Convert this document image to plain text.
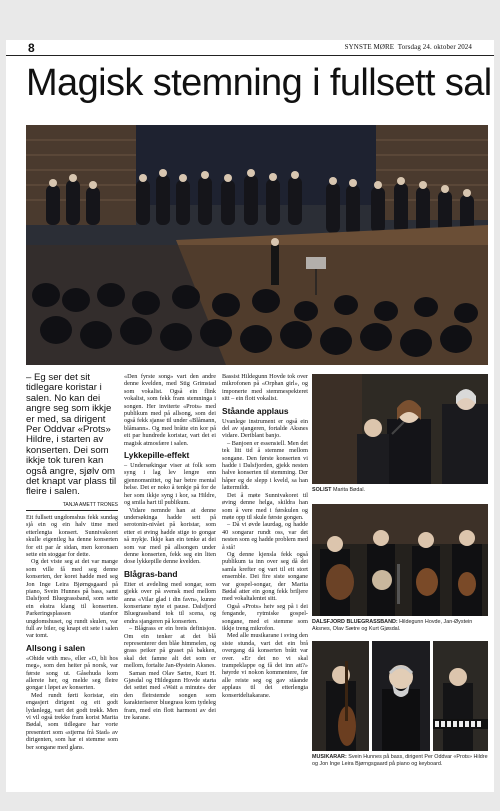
8	SYNSTE MØRE Torsdag 24. oktober 2024
Magisk stemning i fullsett sal
– Eg ser det sit tidlegare koristar i salen. No kan dei angre seg som ikkje er med, sa dirigent Per Oddvar «Prots» Hildre, i starten av konserten. Dei som ikkje tok turen kan også angre, sjølv om det knapt var plass til fleire i salen.
TANJA AMETT TRONES

Eit fullsett ungdomshus fekk sundag sjå ein og ein halv time med etterlengta konsert. Sunnivakoret skulle eigentleg ha denne konserten for eit par år sidan, men koronaen sette ein stoggar for dette.

Og det viste seg at det var mange som ville få med seg denne konserten, der koret hadde med seg Jon Inge Leira Bjørngsgaard på piano, Svein Hunnes på bass, samt Dalsfjord Bluegrassband, som sette ein ekstra klang til konserten. Parkeringsplassen utanfor ungdomshuset, og rundt skulen, var full av biler, og knapt eit sete i salen var tomt.

Allsong i salen

«Ohide with me», eller «O, bli hos meg», som den heiter på norsk, var første song ut. Gåsehuda kom allereie her, og melde seg fleire gongar i løpet av konserten.

Med rundt førti koristar, ein engasjert dirigent og eit godt lydanlegg, vart det godt trøkk. Men vi vil også trekke fram korist Marita Bødal, som tidlegare har vorte presentert som «stjerna frå Stad» av dirigenten, som har ei stemme som ber songane med glans.

«Den fyrste song» vart den andre denne kvelden, med Stig Grimstad som vokalist. Også ein flink vokalist, som fekk fram stemninga i songen. Her inviterte «Prots» med publikum med på allsong, som dei også fekk sjanse til under «Blåmann, blåmann». Og med bråtte ein kor på eit par hundrede koristar, vart det ei magisk atmosfære i salen.

Lykkepille-effekt

– Undersøkingar viser at folk som syng i lag lev lengre enn gjennomsnittet, og har betre mental helse. Det er noko å tenkje på for de her som ikkje syng i kor, sa Hildre, og smila hart til publikum.

Vidare nemnde han at denne undersøkinga hadde sett på serotonin-nivået på koristar, som etter ei øving hadde stige to gongar så mykje. Ikkje kan ein tenke at dei som var med på allsongen under denne konserten, fekk seg ein liten dose lykkepille denne kvelden.

Blågras-band

Etter ei avdeling med songar, som gjekk over på svensk med mellom anna «Vilar glad i din favn», kunne konsertane nyte ei pause. Dalsfjord Bluegrassband tok til scena, og endra sjangeren på konserten.

– Blågrass er ein breis definisjon. Om ein tenker at det blå representerer den blåe himmelen, og grass peiker på graset på bakken, skal det famne alt det som er mellom, fortalte Jan-Øystein Aksnes.

Saman med Olav Sætre, Kurt H. Gjøsdal og Hildegunn Hovde starta dei settet med «Wait a minute» der den fleirstemde songen som karakteriserer bluegrass kom tydeleg fram, med ein flott harmoni av dei tre karane.

Bassist Hildegunn Hovde tok over mikrofonen på «Orphan girl», og imponerte med stemmespekteret sitt – ein flott vokalist.

Ståande applaus

Uvanlege instrument er også ein del av sjangeren, fortalde Aksnes vidare. Deriblant banjo.

– Banjoen er essensiell. Men det tek litt tid å stemme mellom songane. Den første konserten vi hadde i Dalsfjorden, gjekk nesten halve konserten til stemming. Der håper eg de slepp i kveld, sa han lattermildt.

Det å møte Sunnivakoret til øving denne helga, skildra han som å vere med i førskulen og møte opp til skule første gongen.

– Då vi øvde laurdag, og hadde 40 songarar rundt oss, var det nesten som eg hadde problem med å stå!

Og denne kjensla fekk også publikum ta inn over seg då dei samla krefter og vart til eit stort ensemble. Dei fire siste songane var gospel-songar, der Marita Bødal atter ein gong fekk briljere med vokaltalentet sitt.

Også «Prots» heiv seg på i dei fengande, rytmiske gospel-songane, med ei stemme som ikkje treng mikrofon.

Med alle musikarane i sving den siste stunda, vart det ein brå overgang då konserten brått var over. «Er det no vi skal trampeklappe og få dei inn att?» høyrde vi nokon kommentere, før alle reiste seg og gav ståande applaus til dei etterlengta konsertdeltakarane.

SOLIST Marita Bødal.
DALSFJORD BLUEGRASSBAND: Hildegunn Hovde, Jan-Øystein Aksnes, Olav Sætre og Kurt Gjøsdal.
MUSIKARAR: Svein Hunnes på bass, dirigent Per Oddvar «Prots» Hildre og Jon Inge Leira Bjørngsgaard på piano og keyboard.
